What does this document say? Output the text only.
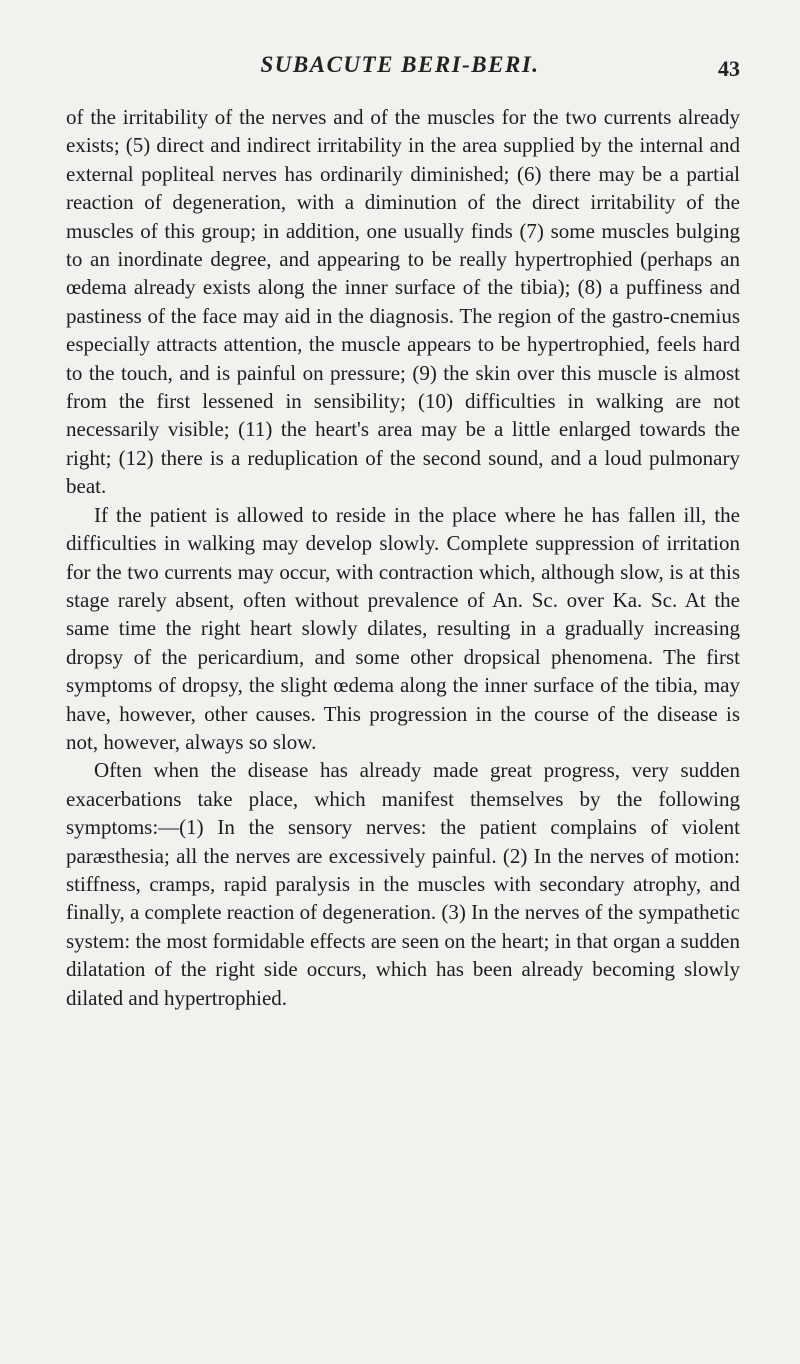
SUBACUTE BERI-BERI.	43

of the irritability of the nerves and of the muscles for the two currents already exists; (5) direct and indirect irritability in the area supplied by the internal and external popliteal nerves has ordinarily diminished; (6) there may be a partial reaction of degeneration, with a diminution of the direct irritability of the muscles of this group; in addition, one usually finds (7) some muscles bulging to an inordinate degree, and appearing to be really hypertrophied (perhaps an œdema already exists along the inner surface of the tibia); (8) a puffiness and pastiness of the face may aid in the diagnosis. The region of the gastro-cnemius especially attracts attention, the muscle appears to be hypertrophied, feels hard to the touch, and is painful on pressure; (9) the skin over this muscle is almost from the first lessened in sensibility; (10) difficulties in walking are not necessarily visible; (11) the heart's area may be a little enlarged towards the right; (12) there is a reduplication of the second sound, and a loud pulmonary beat.

If the patient is allowed to reside in the place where he has fallen ill, the difficulties in walking may develop slowly. Complete suppression of irritation for the two currents may occur, with contraction which, although slow, is at this stage rarely absent, often without prevalence of An. Sc. over Ka. Sc. At the same time the right heart slowly dilates, resulting in a gradually increasing dropsy of the pericardium, and some other dropsical phenomena. The first symptoms of dropsy, the slight œdema along the inner surface of the tibia, may have, however, other causes. This progression in the course of the disease is not, however, always so slow.

Often when the disease has already made great progress, very sudden exacerbations take place, which manifest themselves by the following symptoms:—(1) In the sensory nerves: the patient complains of violent paræsthesia; all the nerves are excessively painful. (2) In the nerves of motion: stiffness, cramps, rapid paralysis in the muscles with secondary atrophy, and finally, a complete reaction of degeneration. (3) In the nerves of the sympathetic system: the most formidable effects are seen on the heart; in that organ a sudden dilatation of the right side occurs, which has been already becoming slowly dilated and hypertrophied.
